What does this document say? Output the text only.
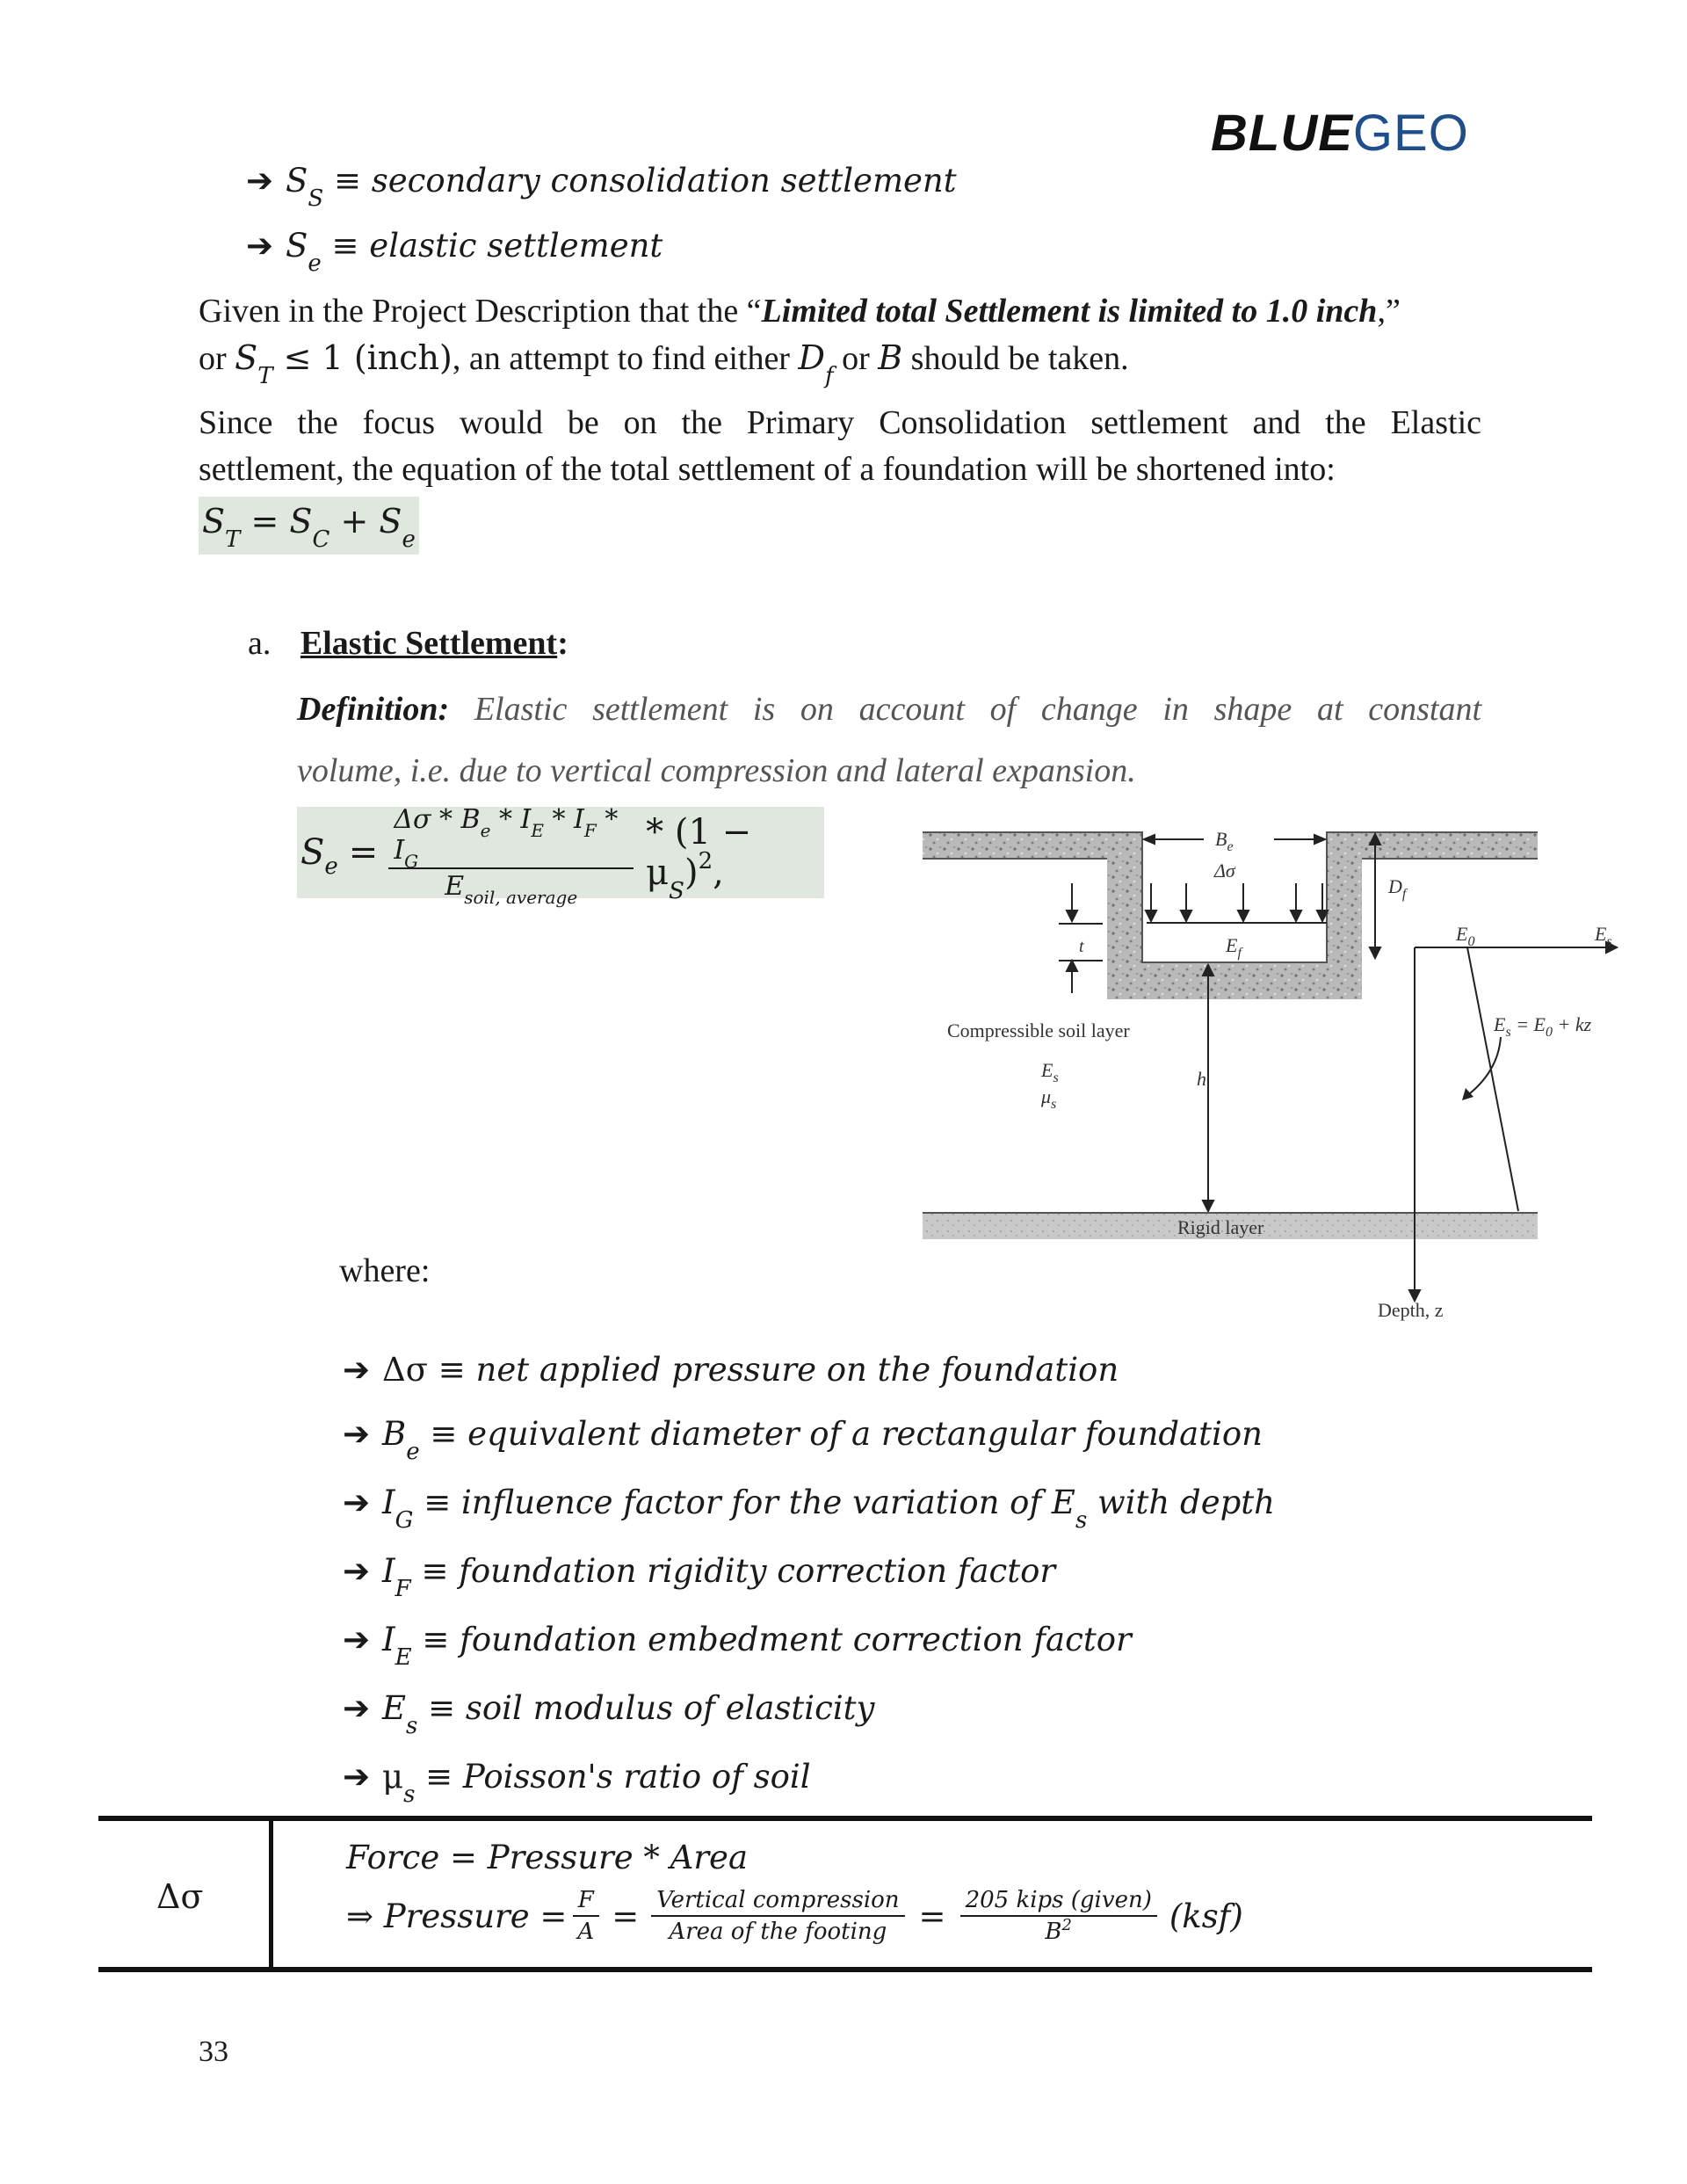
BLUEGEO
➔ $S_S$ ≡ secondary consolidation settlement
➔ $S_e$ ≡ elastic settlement
Given in the Project Description that the “Limited total Settlement is limited to 1.0 inch,”
or $S_T \le 1$ (inch), an attempt to find either $D_f$ or B should be taken.
Since the focus would be on the Primary Consolidation settlement and the Elastic
settlement, the equation of the total settlement of a foundation will be shortened into:
$S_T = S_C + S_e$
a. Elastic Settlement:
Definition: Elastic settlement is on account of change in shape at constant
volume, i.e. due to vertical compression and lateral expansion.
S $e = \frac{\Delta\sigma * B_e * I_E * I_F * I_G}{E_{soil, average}} * (1 - \mu_S)^2$,
$B_e$
Δσ
$D_f$
t	$E_f$
$E_0$	$E_s$
$E_s = E_0$ + kz
Compressible soil layer
$E_s$
$\mu_s$
h
Rigid layer
Depth, z
where:
➔ Δσ ≡ net applied pressure on the foundation
➔ $B_e$ ≡ equivalent diameter of a rectangular foundation
➔ $I_G$ ≡ influence factor for the variation of $E_s$ with depth
➔ $I_F$ ≡ foundation rigidity correction factor
➔ $I_E$ ≡ foundation embedment correction factor
➔ $E_s$ ≡ soil modulus of elasticity
➔ $\mu_s$ ≡ Poisson's ratio of soil
Δσ
Force = Pressure * Area
⇒ Pressure = $\frac{F}{A} = \frac{\text{Vertical compression}}{\text{Area of the footing}} = \frac{\text{205 kips (given)}}{B^2} (ksf)$
33
